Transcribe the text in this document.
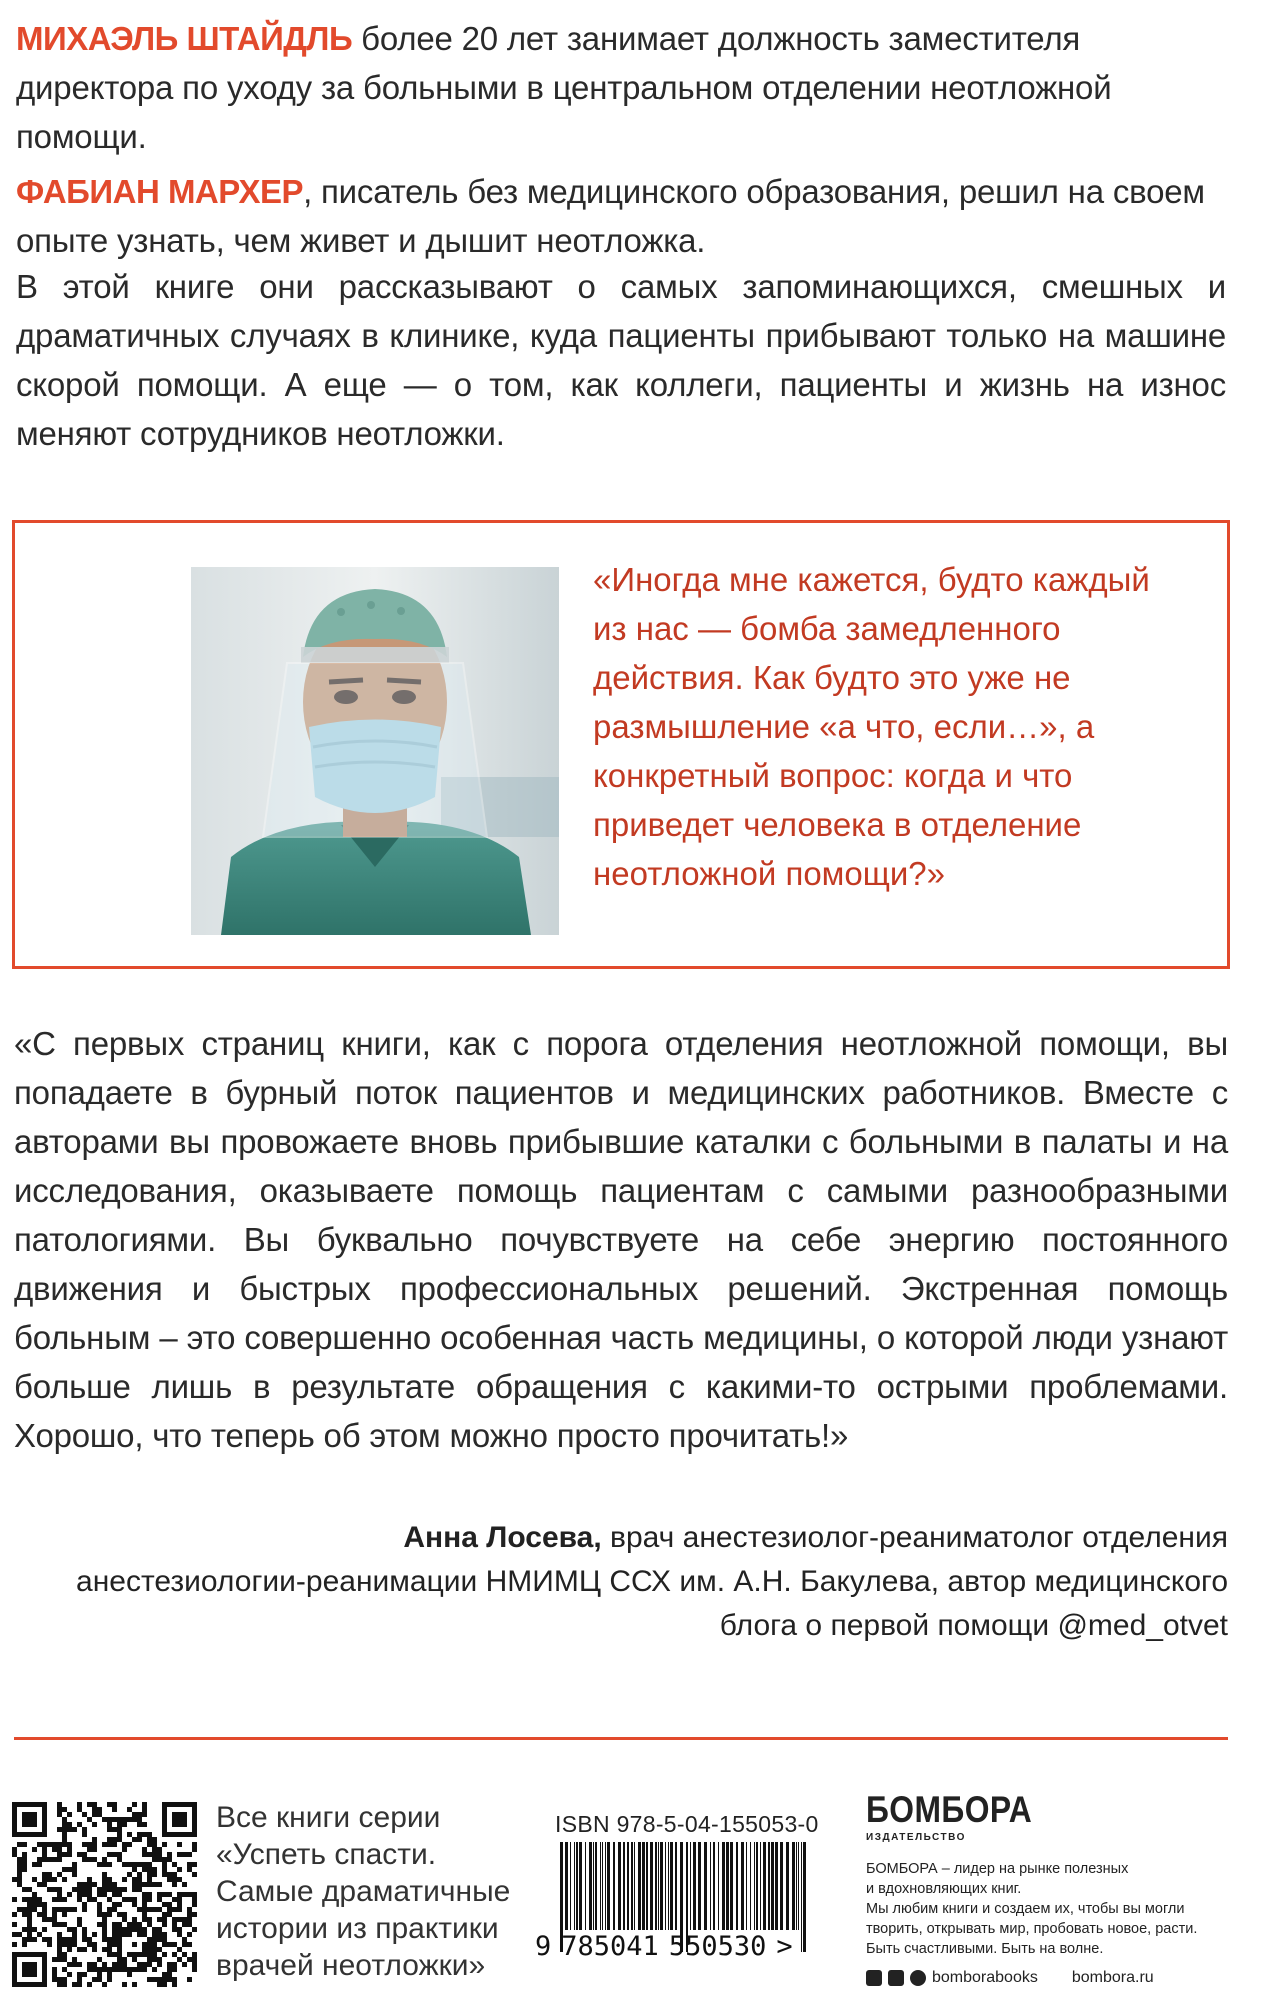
МИХАЭЛЬ ШТАЙДЛЬ более 20 лет занимает должность заместителя директора по уходу за больными в центральном отделении неотложной помощи.

ФАБИАН МАРХЕР, писатель без медицинского образования, решил на своем опыте узнать, чем живет и дышит неотложка.

В этой книге они рассказывают о самых запоминающихся, смешных и драматичных случаях в клинике, куда пациенты прибывают только на машине скорой помощи. А еще — о том, как коллеги, пациенты и жизнь на износ меняют сотрудников неотложки.

«Иногда мне кажется, будто каждый из нас — бомба замедленного действия. Как будто это уже не размышление «а что, если…», а конкретный вопрос: когда и что приведет человека в отделение неотложной помощи?»

«С первых страниц книги, как с порога отделения неотложной помощи, вы попадаете в бурный поток пациентов и медицинских работников. Вместе с авторами вы провожаете вновь прибывшие каталки с больными в палаты и на исследования, оказываете помощь пациентам с самыми разнообразными патологиями. Вы буквально почувствуете на себе энергию постоянного движения и быстрых профессиональных решений. Экстренная помощь больным – это совершенно особенная часть медицины, о которой люди узнают больше лишь в результате обращения с какими-то острыми проблемами. Хорошо, что теперь об этом можно просто прочитать!»

Анна Лосева, врач анестезиолог-реаниматолог отделения
анестезиологии-реанимации НМИМЦ ССХ им. А.Н. Бакулева, автор медицинского
блога о первой помощи @med_otvet

Все книги серии «Успеть спасти. Самые драматичные истории из практики врачей неотложки»

ISBN 978-5-04-155053-0
9 785041 550530 >
БОМБОРА
ИЗДАТЕЛЬСТВО
БОМБОРА – лидер на рынке полезных
и вдохновляющих книг.
Мы любим книги и создаем их, чтобы вы могли
творить, открывать мир, пробовать новое, расти.
Быть счастливыми. Быть на волне.
bomborabooks bombora.ru
